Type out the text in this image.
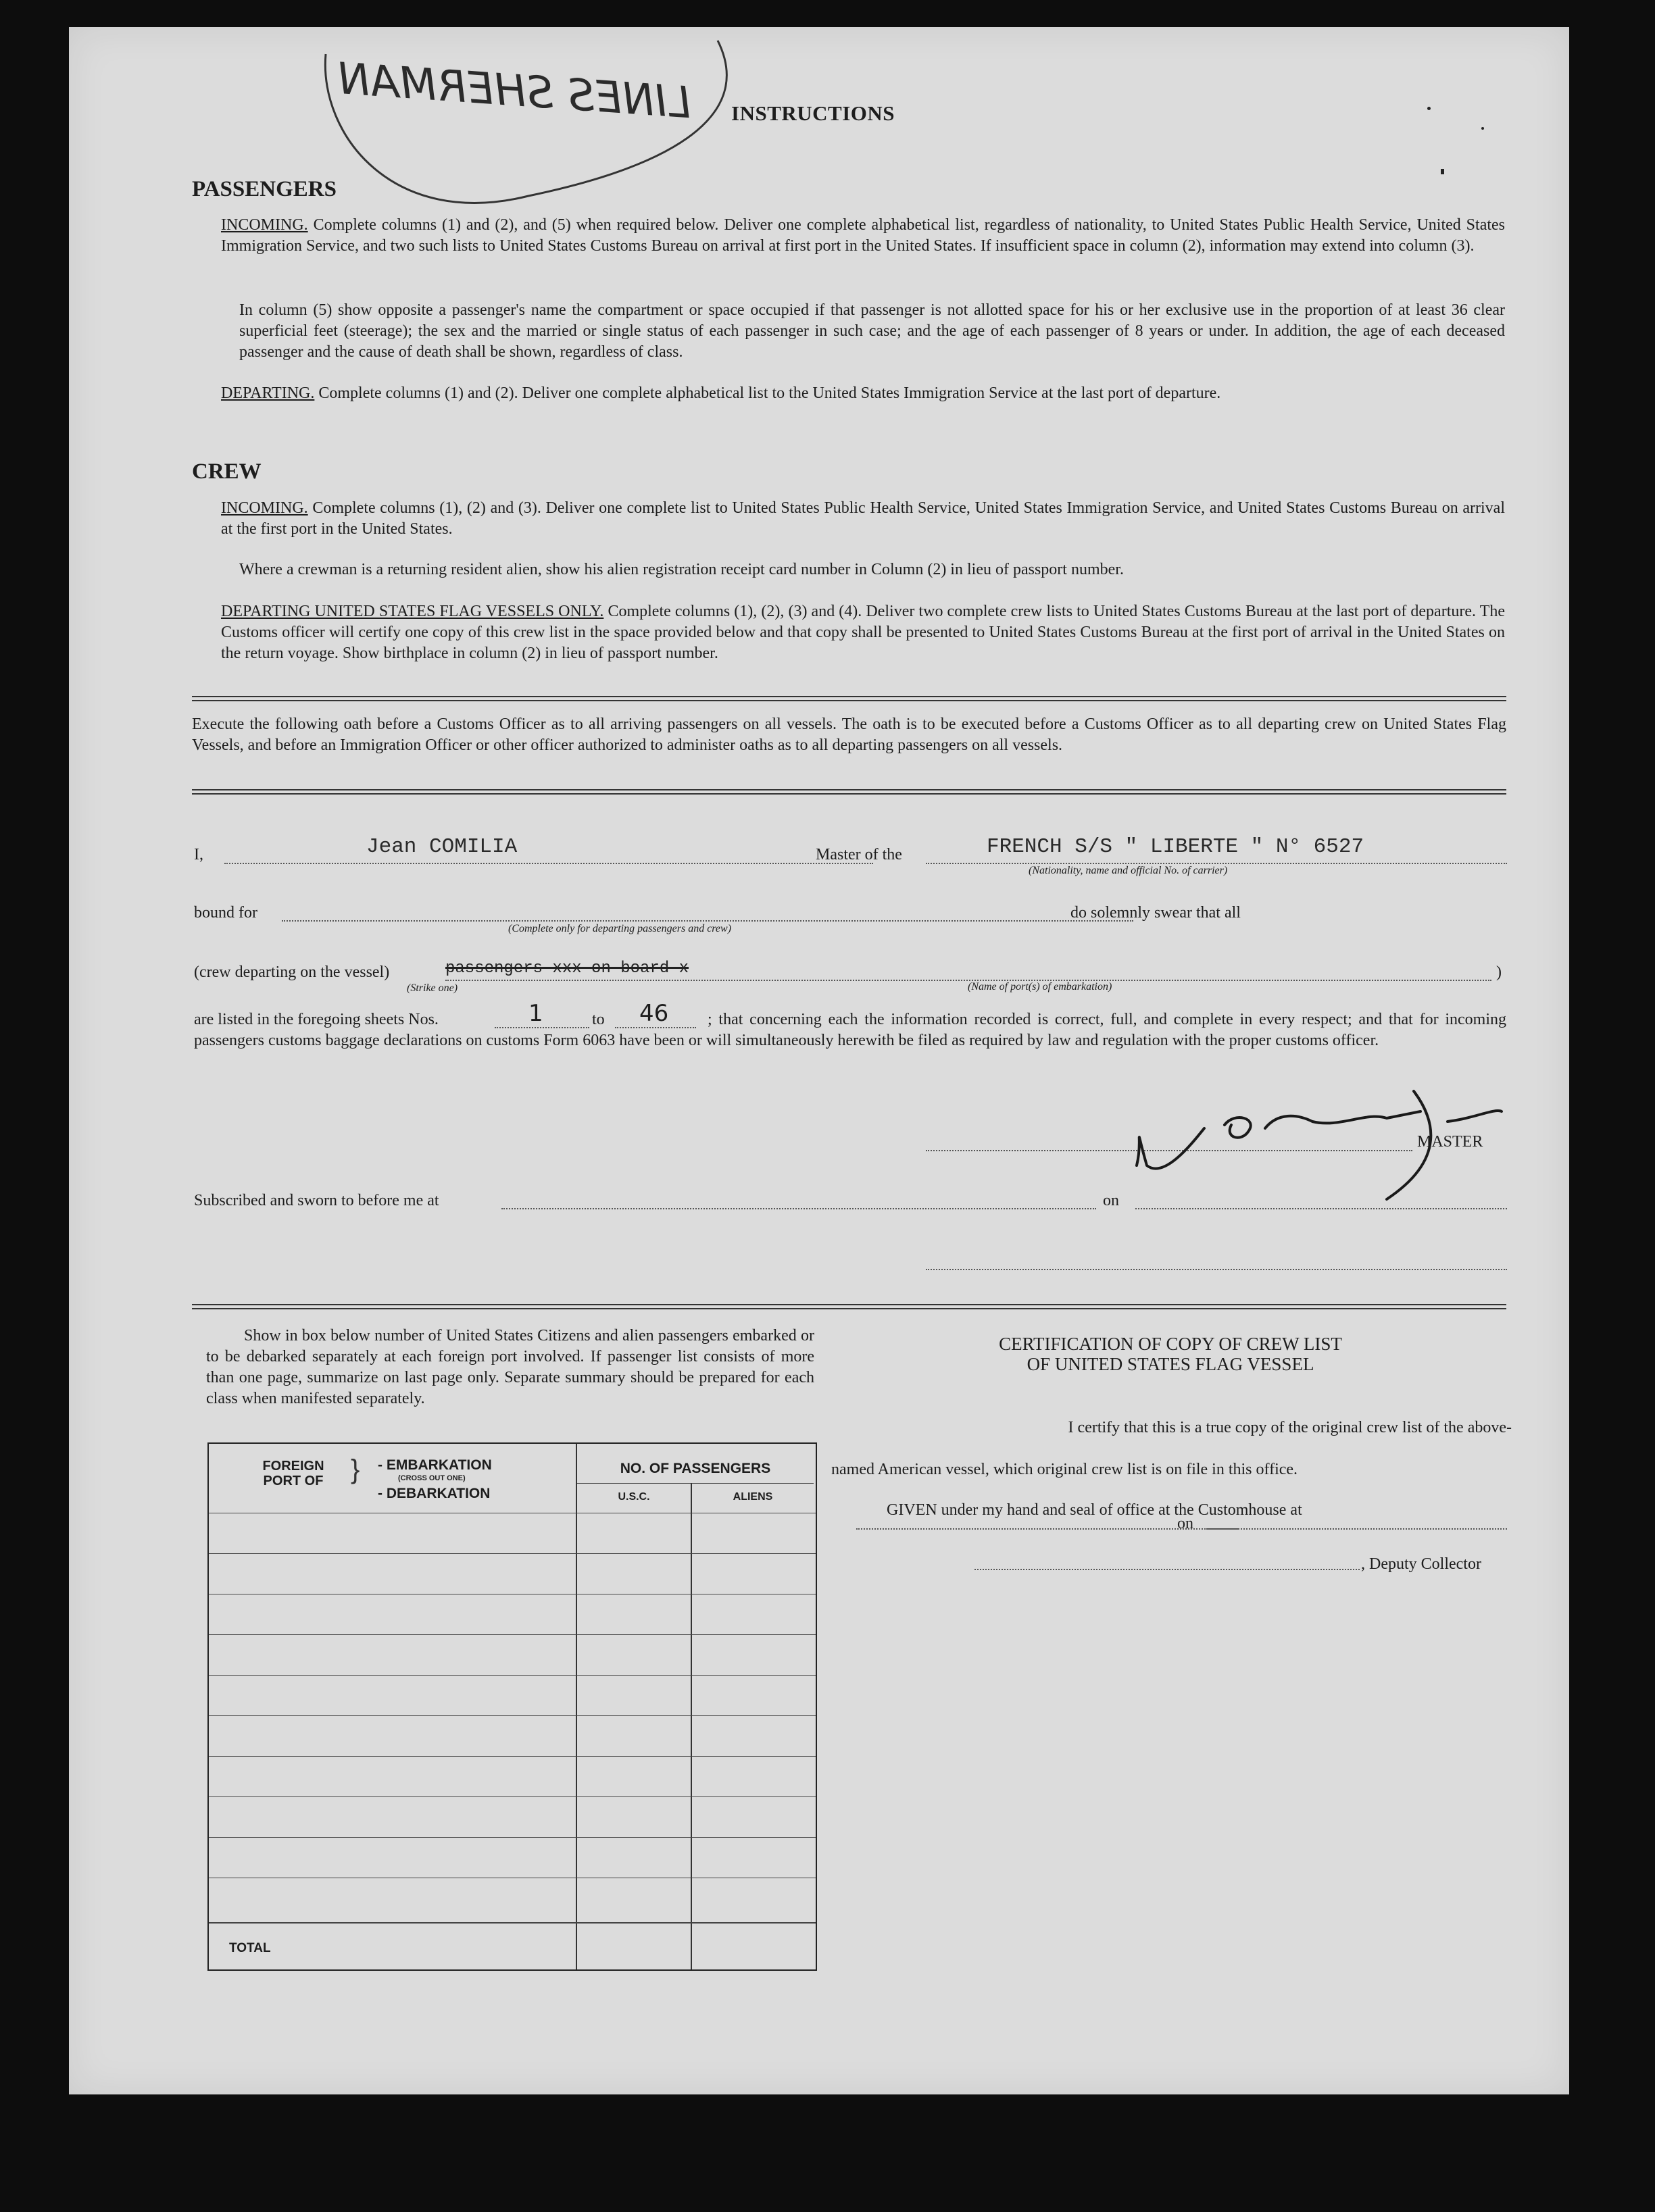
LINES SHERMAN	INSTRUCTIONS
PASSENGERS
INCOMING. Complete columns (1) and (2), and (5) when required below. Deliver one complete alphabetical list, regardless of nationality, to United States Public Health Service, United States Immigration Service, and two such lists to United States Customs Bureau on arrival at first port in the United States. If insufficient space in column (2), information may extend into column (3).
In column (5) show opposite a passenger's name the compartment or space occupied if that passenger is not allotted space for his or her exclusive use in the proportion of at least 36 clear superficial feet (steerage); the sex and the married or single status of each passenger in such case; and the age of each passenger of 8 years or under. In addition, the age of each deceased passenger and the cause of death shall be shown, regardless of class.
DEPARTING. Complete columns (1) and (2). Deliver one complete alphabetical list to the United States Immigration Service at the last port of departure.
CREW
INCOMING. Complete columns (1), (2) and (3). Deliver one complete list to United States Public Health Service, United States Immigration Service, and United States Customs Bureau on arrival at the first port in the United States.
Where a crewman is a returning resident alien, show his alien registration receipt card number in Column (2) in lieu of passport number.
DEPARTING UNITED STATES FLAG VESSELS ONLY. Complete columns (1), (2), (3) and (4). Deliver two complete crew lists to United States Customs Bureau at the last port of departure. The Customs officer will certify one copy of this crew list in the space provided below and that copy shall be presented to United States Customs Bureau at the first port of arrival in the United States on the return voyage. Show birthplace in column (2) in lieu of passport number.
Execute the following oath before a Customs Officer as to all arriving passengers on all vessels. The oath is to be executed before a Customs Officer as to all departing crew on United States Flag Vessels, and before an Immigration Officer or other officer authorized to administer oaths as to all departing passengers on all vessels.
I,	Jean COMILIA	Master of the	FRENCH S/S " LIBERTE " N° 6527
(Nationality, name and official No. of carrier)
bound for
(Complete only for departing passengers and crew)
do solemnly swear that all
(crew departing on the vessel)	passengers xxx on board x
(Strike one)	(Name of port(s) of embarkation)
)
are listed in the foregoing sheets Nos.	1	to 46	; that concerning each the information recorded is correct, full, and complete in every respect; and that for incoming passengers customs baggage declarations on customs Form 6063 have been or will simultaneously herewith be filed as required by law and regulation with the proper customs officer.
MASTER
Subscribed and sworn to before me at	on
Show in box below number of United States Citizens and alien passengers embarked or to be debarked separately at each foreign port involved. If passenger list consists of more than one page, summarize on last page only. Separate summary should be prepared for each class when manifested separately.
FOREIGN PORT OF	} - EMBARKATION
(CROSS OUT ONE)
- DEBARKATION
NO. OF PASSENGERS
U.S.C.	ALIENS
TOTAL
CERTIFICATION OF COPY OF CREW LIST
OF UNITED STATES FLAG VESSEL
I certify that this is a true copy of the original crew list of the above-
named American vessel, which original crew list is on file in this office.
GIVEN under my hand and seal of office at the Customhouse at
on
, Deputy Collector
